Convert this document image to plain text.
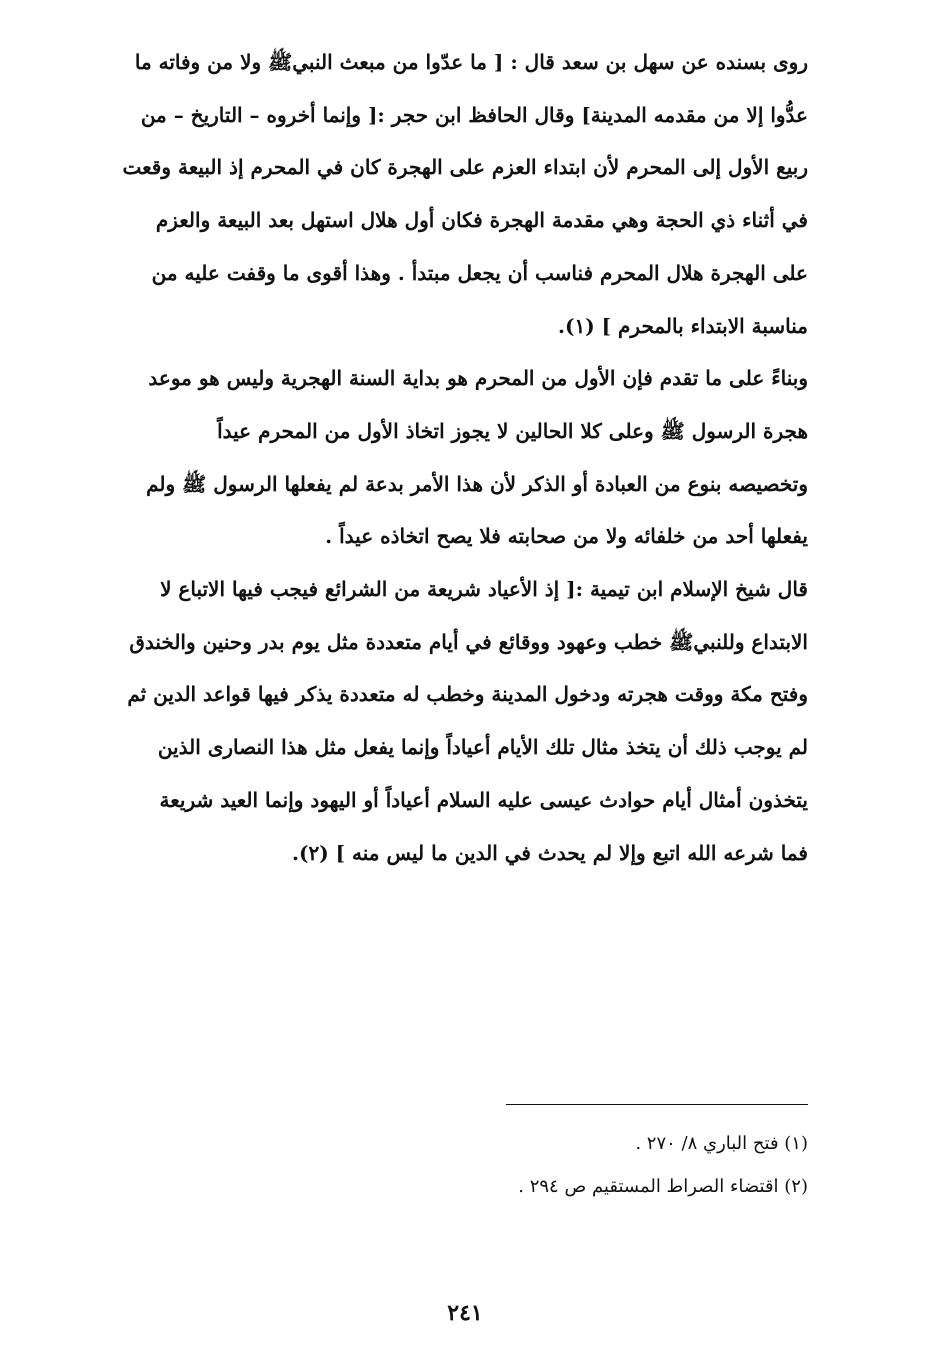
روى بسنده عن سهل بن سعد قال : [ ما عدّوا من مبعث النبيﷺ ولا من وفاته ما

عدُّوا إلا من مقدمه المدينة] وقال الحافظ ابن حجر :[ وإنما أخروه – التاريخ – من

ربيع الأول إلى المحرم لأن ابتداء العزم على الهجرة كان في المحرم إذ البيعة وقعت

في أثناء ذي الحجة وهي مقدمة الهجرة فكان أول هلال استهل بعد البيعة والعزم

على الهجرة هلال المحرم فناسب أن يجعل مبتدأ . وهذا أقوى ما وقفت عليه من

مناسبة الابتداء بالمحرم ] (١).

وبناءً على ما تقدم فإن الأول من المحرم هو بداية السنة الهجرية وليس هو موعد

هجرة الرسول ﷺ وعلى كلا الحالين لا يجوز اتخاذ الأول من المحرم عيداً

وتخصيصه بنوع من العبادة أو الذكر لأن هذا الأمر بدعة لم يفعلها الرسول ﷺ ولم

يفعلها أحد من خلفائه ولا من صحابته فلا يصح اتخاذه عيداً .

قال شيخ الإسلام ابن تيمية :[ إذ الأعياد شريعة من الشرائع فيجب فيها الاتباع لا

الابتداع وللنبيﷺ خطب وعهود ووقائع في أيام متعددة مثل يوم بدر وحنين والخندق

وفتح مكة ووقت هجرته ودخول المدينة وخطب له متعددة يذكر فيها قواعد الدين ثم

لم يوجب ذلك أن يتخذ مثال تلك الأيام أعياداً وإنما يفعل مثل هذا النصارى الذين

يتخذون أمثال أيام حوادث عيسى عليه السلام أعياداً أو اليهود وإنما العيد شريعة

فما شرعه الله اتبع وإلا لم يحدث في الدين ما ليس منه ] (٢).

(١) فتح الباري ٨/ ٢٧٠ .

(٢) اقتضاء الصراط المستقيم ص ٢٩٤ .

٢٤١
